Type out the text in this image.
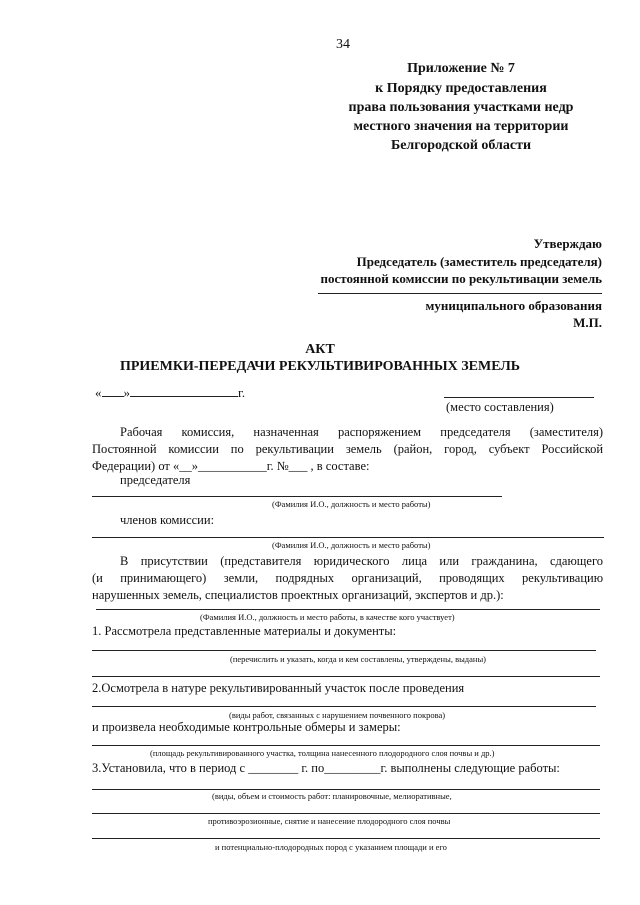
34
Приложение № 7
к Порядку предоставления
права пользования участками недр
местного значения на территории
Белгородской области
Утверждаю
Председатель (заместитель председателя)
постоянной комиссии по рекультивации земель
муниципального образования
М.П.
АКТ
ПРИЕМКИ-ПЕРЕДАЧИ РЕКУЛЬТИВИРОВАННЫХ ЗЕМЕЛЬ
« »	г.
(место составления)
Рабочая комиссия, назначенная распоряжением председателя (заместителя)
Постоянной комиссии по рекультивации земель (район, город, субъект Российской
Федерации) от «__»___________г. №___ , в составе:
председателя
(Фамилия И.О., должность и место работы)
членов комиссии:
(Фамилия И.О., должность и место работы)
В присутствии (представителя юридического лица или гражданина, сдающего
(и принимающего) земли, подрядных организаций, проводящих рекультивацию
нарушенных земель, специалистов проектных организаций, экспертов и др.):
(Фамилия И.О., должность и место работы, в качестве кого участвует)
1. Рассмотрела представленные материалы и документы:
(перечислить и указать, когда и кем составлены, утверждены, выданы)
2.Осмотрела в натуре рекультивированный участок после проведения
(виды работ, связанных с нарушением почвенного покрова)
и произвела необходимые контрольные обмеры и замеры:
(площадь рекультивированного участка, толщина нанесенного плодородного слоя почвы и др.)
3.Установила, что в период с ________ г. по_________г. выполнены следующие работы:
(виды, объем и стоимость работ: планировочные, мелиоративные,
противоэрозионные, снятие и нанесение плодородного слоя почвы
и потенциально-плодородных пород с указанием площади и его
